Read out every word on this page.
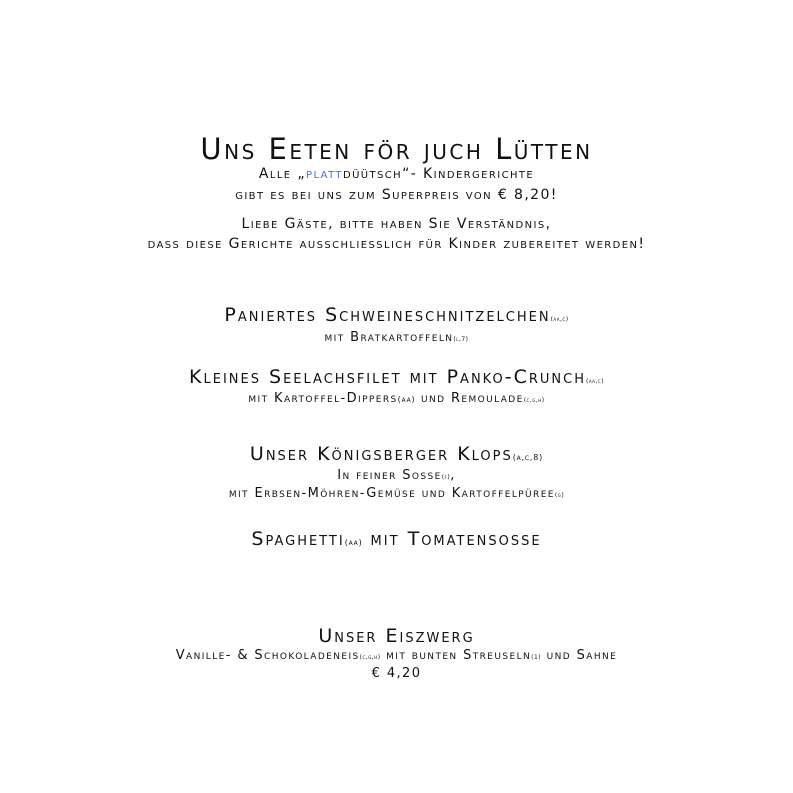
Uns Eeten för juch Lütten
Alle „plattdüütsch“- Kindergerichte
gibt es bei uns zum Superpreis von € 8,20!
Liebe Gäste, bitte haben Sie Verständnis,
dass diese Gerichte ausschliesslich für Kinder zubereitet werden!
Paniertes Schweineschnitzelchen(aa,c)
mit Bratkartoffeln(l,7)
Kleines Seelachsfilet mit Panko-Crunch(aa,c)
mit Kartoffel-Dippers(aa) und Remoulade(c,g,h)
Unser Königsberger Klops(a,c,8)
In feiner Sosse(f),
mit Erbsen-Möhren-Gemüse und Kartoffelpüree(g)
Spaghetti(aa) mit Tomatensosse
Unser Eiszwerg
Vanille- & Schokoladeneis(c,g,h) mit bunten Streuseln(1) und Sahne
€ 4,20
